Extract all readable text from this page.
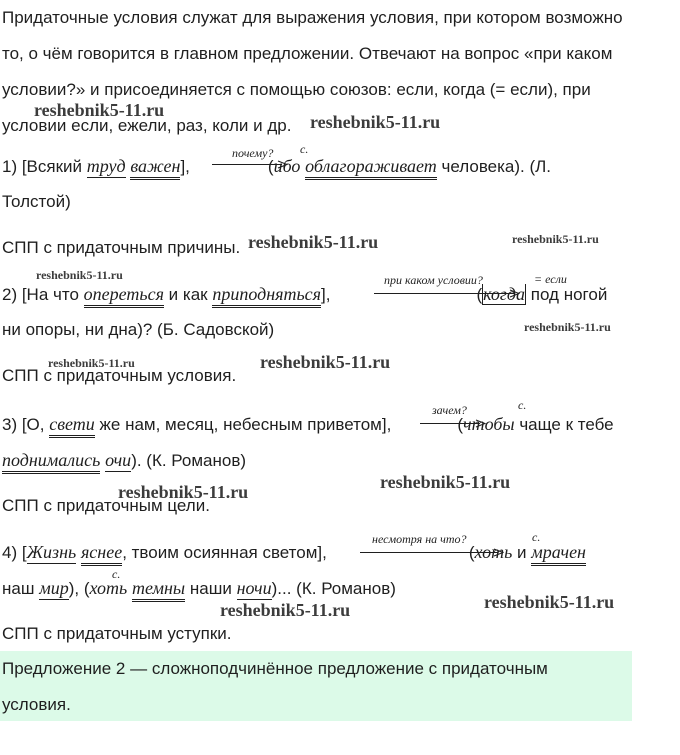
Придаточные условия служат для выражения условия, при котором возможно
то, о чём говорится в главном предложении. Отвечают на вопрос «при каком
условии?» и присоединяется с помощью союзов: если, когда (= если), при
условии если, ежели, раз, коли и др.
1) [Всякий труд важен],	(ибо облагораживает человека). (Л.
почему? с.
Толстой)
СПП с придаточным причины.
2) [На что опереться и как приподняться],	(когда под ногой
при каком условии?	= если
ни опоры, ни дна)? (Б. Садовской)
СПП с придаточным условия.
3) [О, свети же нам, месяц, небесным приветом],	(чтобы чаще к тебе
зачем?	с.
поднимались очи). (К. Романов)
СПП с придаточным цели.
4) [Жизнь яснее, твоим осиянная светом],	(хоть и мрачен
несмотря на что?	с.
наш мир), (хоть темны наши ночи)... (К. Романов)
с.
СПП с придаточным уступки.
Предложение 2 — сложноподчинённое предложение с придаточным
условия.
reshebnik5-11.ru
reshebnik5-11.ru
reshebnik5-11.ru	reshebnik5-11.ru
reshebnik5-11.ru
reshebnik5-11.ru
reshebnik5-11.ru	reshebnik5-11.ru
reshebnik5-11.ru
reshebnik5-11.ru
reshebnik5-11.ru
reshebnik5-11.ru
